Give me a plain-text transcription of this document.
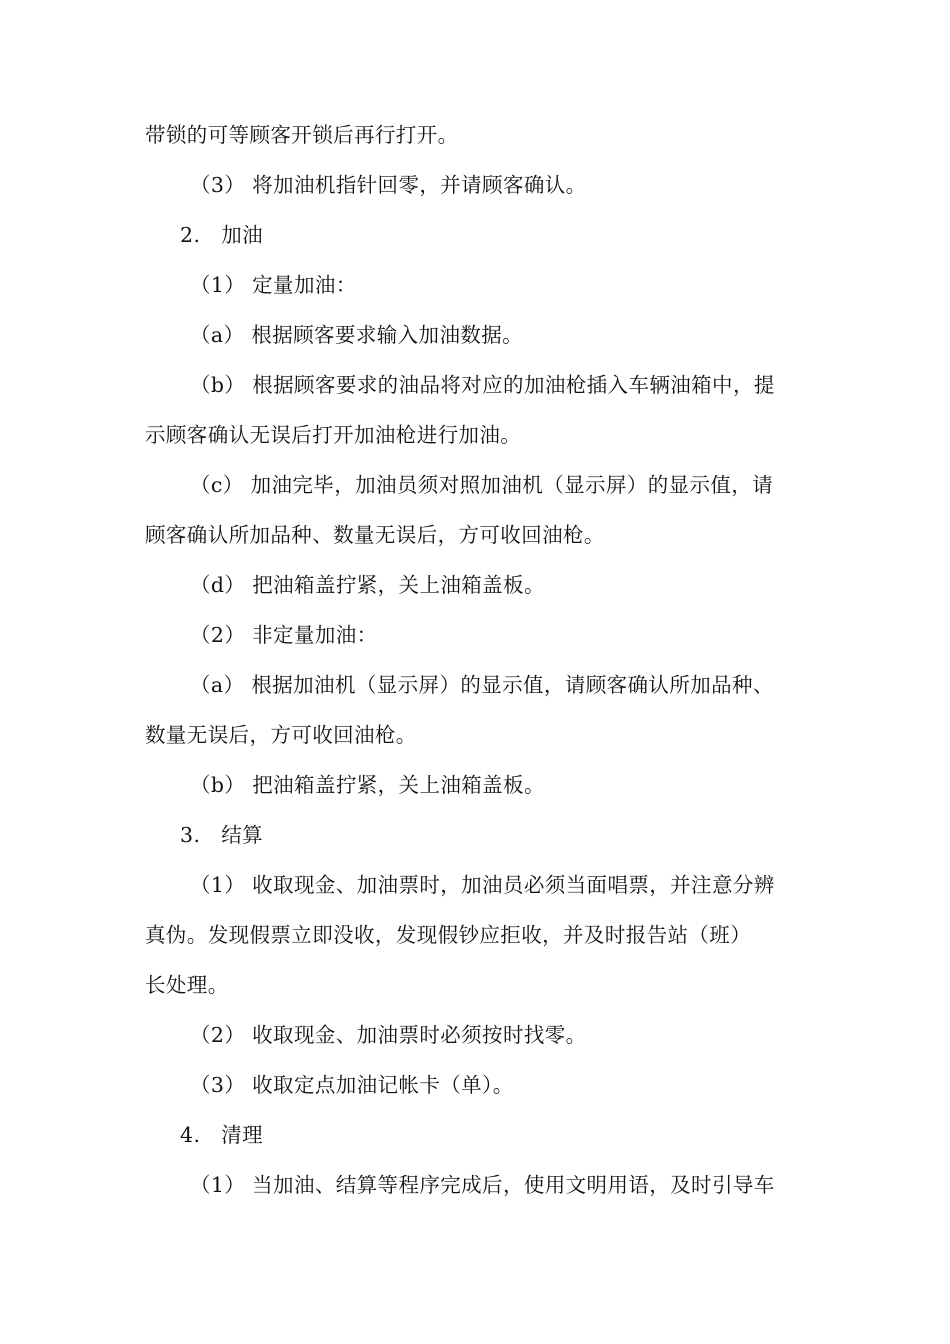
带锁的可等顾客开锁后再行打开。
（3） 将加油机指针回零，并请顾客确认。
2.　加油
（1） 定量加油：
（a） 根据顾客要求输入加油数据。
（b） 根据顾客要求的油品将对应的加油枪插入车辆油箱中，提
示顾客确认无误后打开加油枪进行加油。
（c） 加油完毕，加油员须对照加油机（显示屏）的显示值，请
顾客确认所加品种、数量无误后，方可收回油枪。
（d） 把油箱盖拧紧，关上油箱盖板。
（2） 非定量加油：
（a） 根据加油机（显示屏）的显示值，请顾客确认所加品种、
数量无误后，方可收回油枪。
（b） 把油箱盖拧紧，关上油箱盖板。
3.　结算
（1） 收取现金、加油票时，加油员必须当面唱票，并注意分辨
真伪。发现假票立即没收，发现假钞应拒收，并及时报告站（班）
长处理。
（2） 收取现金、加油票时必须按时找零。
（3） 收取定点加油记帐卡（单）。
4.　清理
（1） 当加油、结算等程序完成后，使用文明用语，及时引导车
